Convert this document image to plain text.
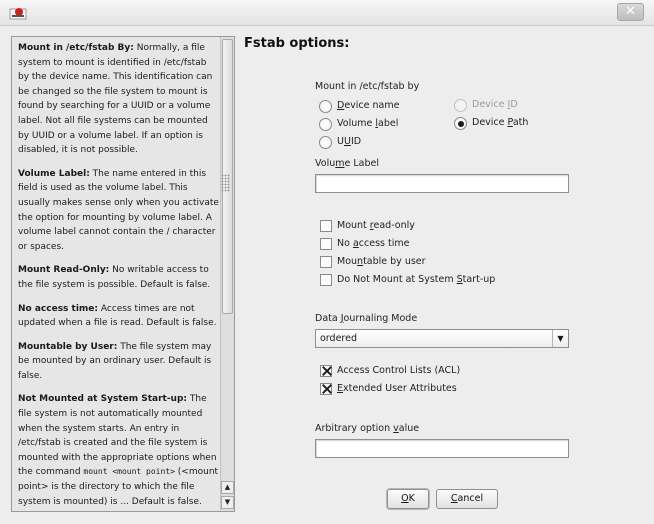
✕

Mount in /etc/fstab By: Normally, a file system to mount is identified in /etc/fstab by the device name. This identification can be changed so the file system to mount is found by searching for a UUID or a volume label. Not all file systems can be mounted by UUID or a volume label. If an option is disabled, it is not possible.

Volume Label: The name entered in this field is used as the volume label. This usually makes sense only when you activate the option for mounting by volume label. A volume label cannot contain the / character or spaces.

Mount Read-Only: No writable access to the file system is possible. Default is false.

No access time: Access times are not updated when a file is read. Default is false.

Mountable by User: The file system may be mounted by an ordinary user. Default is false.

Not Mounted at System Start-up: The file system is not automatically mounted when the system starts. An entry in /etc/fstab is created and the file system is mounted with the appropriate options when the command mount <mount point> (<mount point> is the directory to which the file system is mounted) is ... Default is false.

▲
▼
Fstab options:
Mount in /etc/fstab by
Device name
Volume label
UUID
Device ID
Device Path
Volume Label
Mount read-only
No access time
Mountable by user
Do Not Mount at System Start-up
Data Journaling Mode
ordered	▼
Access Control Lists (ACL)
Extended User Attributes
Arbitrary option value
OK	Cancel
